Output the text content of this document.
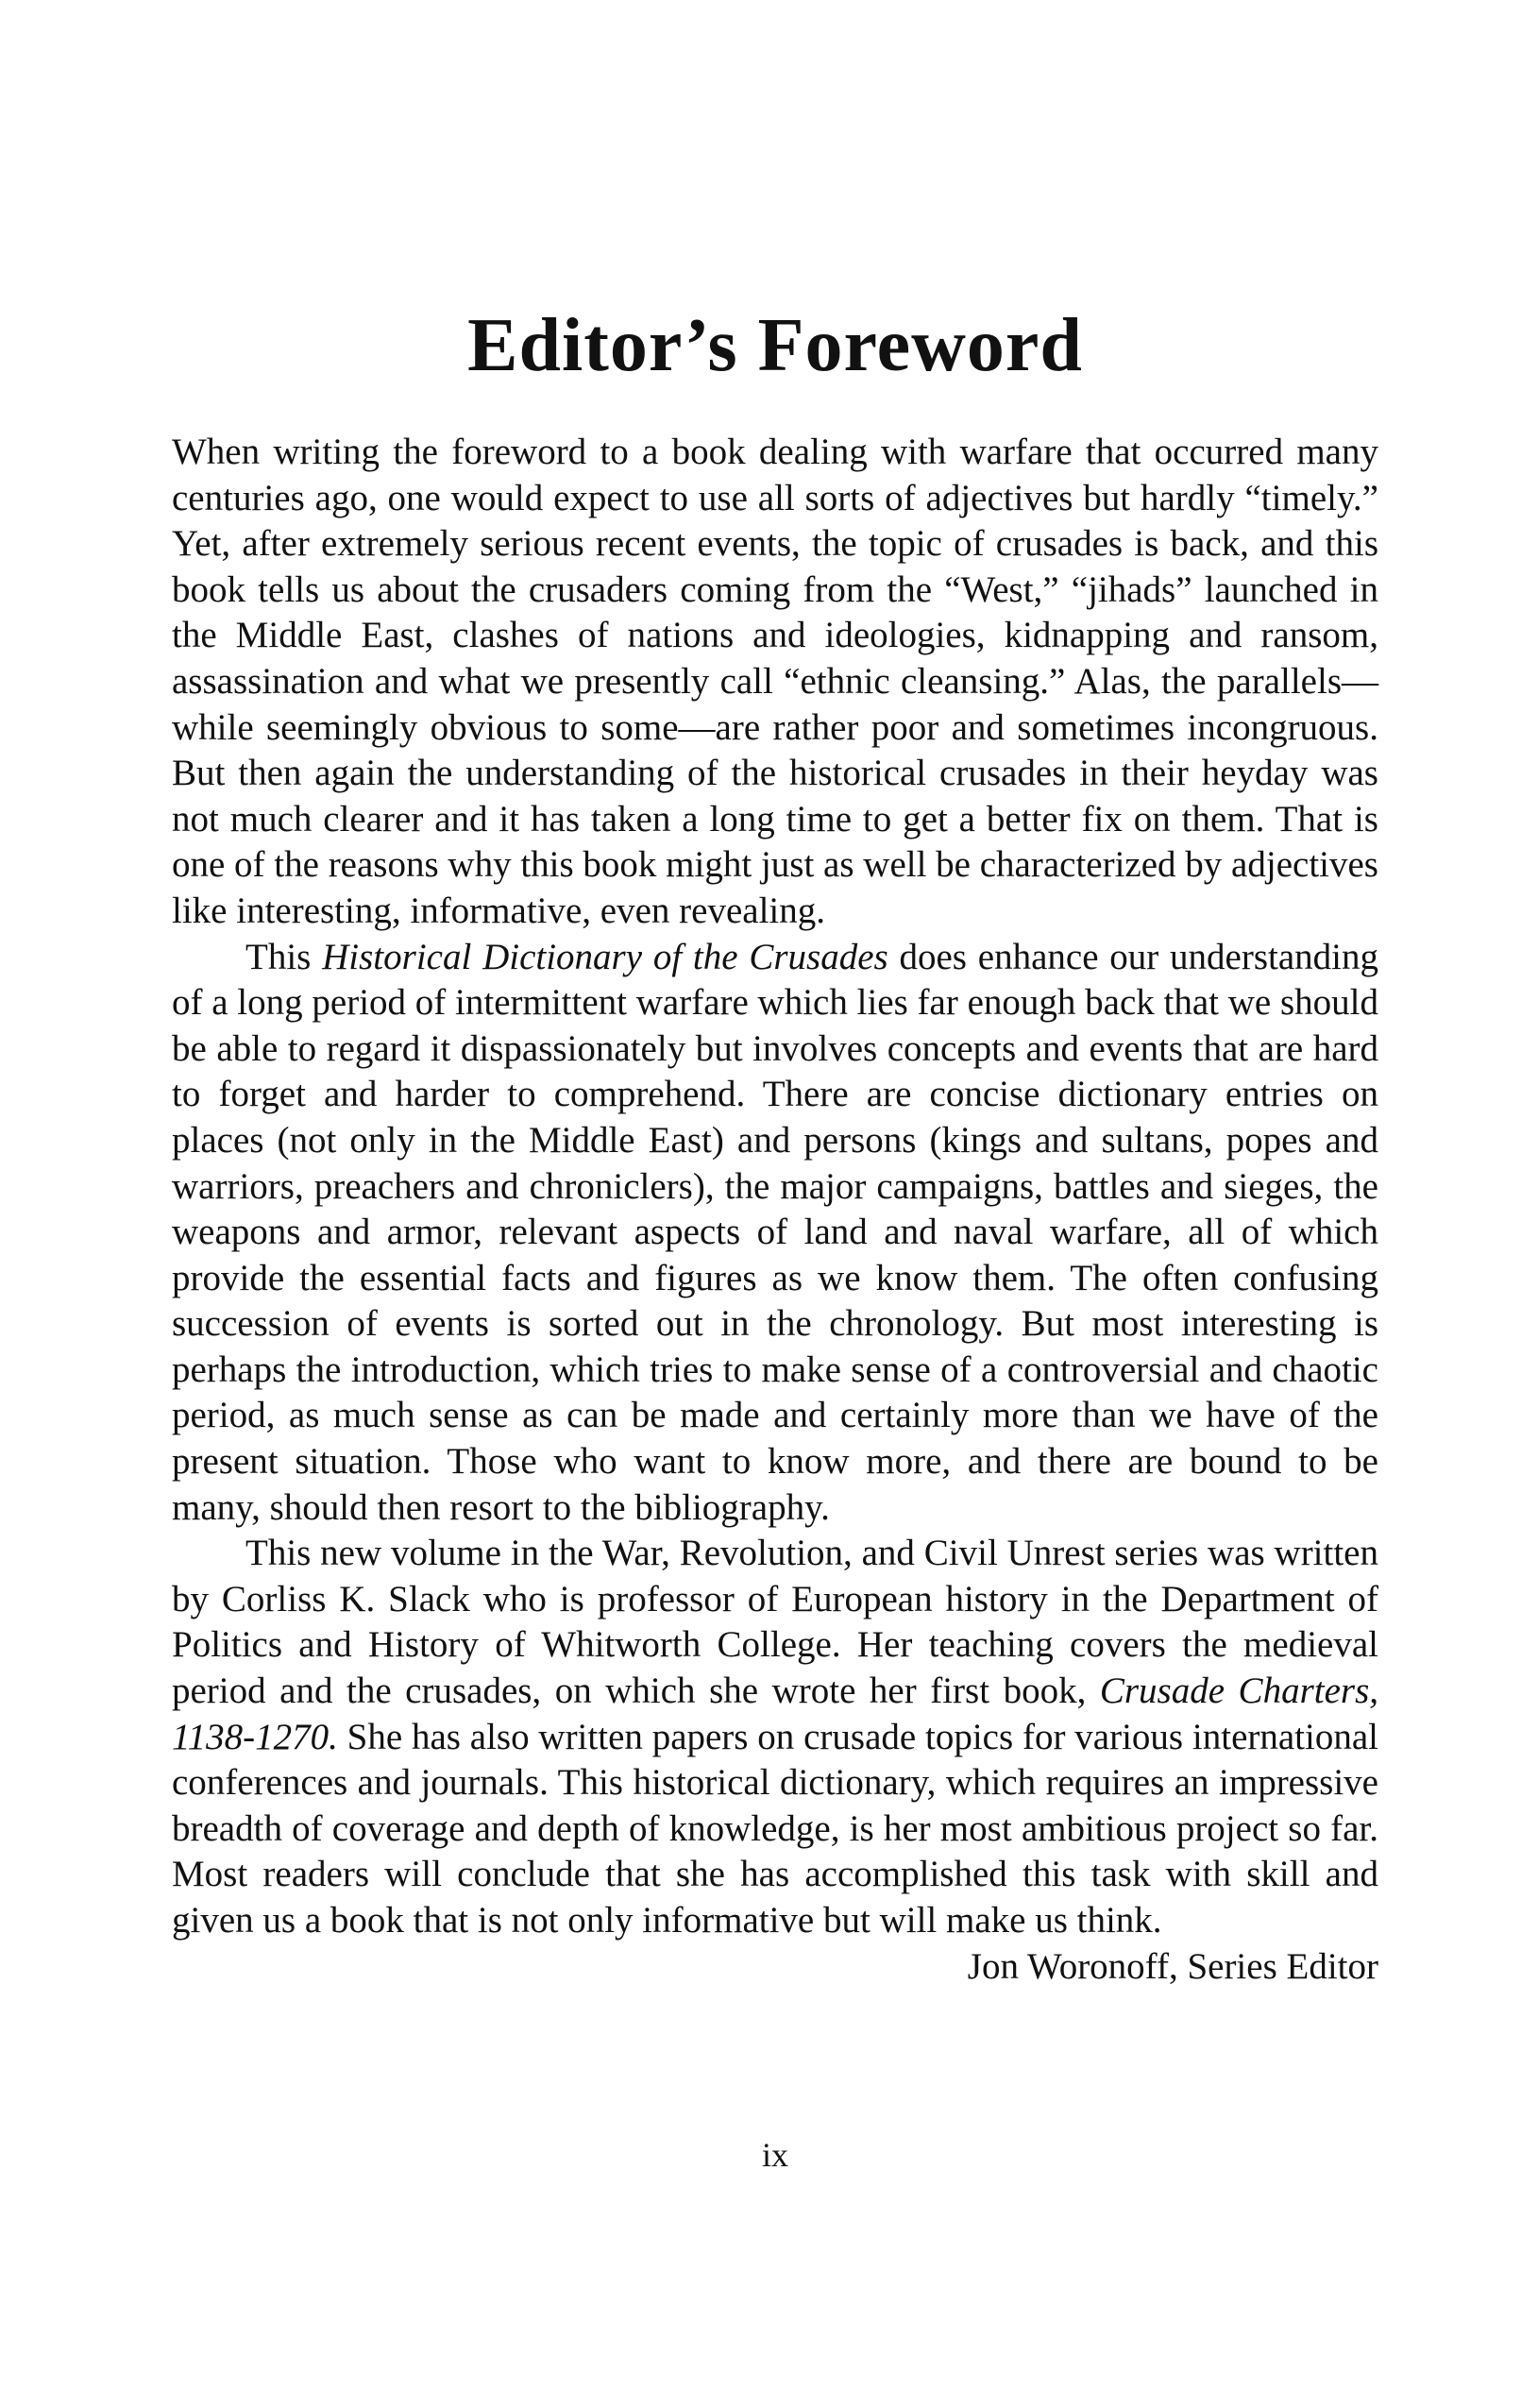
Editor’s Foreword

When writing the foreword to a book dealing with warfare that occurred many centuries ago, one would expect to use all sorts of adjectives but hardly “timely.” Yet, after extremely serious recent events, the topic of crusades is back, and this book tells us about the crusaders coming from the “West,” “jihads” launched in the Middle East, clashes of nations and ideologies, kidnapping and ransom, assassination and what we presently call “ethnic cleansing.” Alas, the parallels—while seemingly obvious to some—are rather poor and sometimes incongruous. But then again the understanding of the historical crusades in their heyday was not much clearer and it has taken a long time to get a better fix on them. That is one of the reasons why this book might just as well be characterized by adjectives like interesting, informative, even revealing.

This Historical Dictionary of the Crusades does enhance our understanding of a long period of intermittent warfare which lies far enough back that we should be able to regard it dispassionately but involves concepts and events that are hard to forget and harder to comprehend. There are concise dictionary entries on places (not only in the Middle East) and persons (kings and sultans, popes and warriors, preachers and chroniclers), the major campaigns, battles and sieges, the weapons and armor, relevant aspects of land and naval warfare, all of which provide the essential facts and figures as we know them. The often confusing succession of events is sorted out in the chronology. But most interesting is perhaps the introduction, which tries to make sense of a controversial and chaotic period, as much sense as can be made and certainly more than we have of the present situation. Those who want to know more, and there are bound to be many, should then resort to the bibliography.

This new volume in the War, Revolution, and Civil Unrest series was written by Corliss K. Slack who is professor of European history in the Department of Politics and History of Whitworth College. Her teaching covers the medieval period and the crusades, on which she wrote her first book, Crusade Charters, 1138-1270. She has also written papers on crusade topics for various international conferences and journals. This historical dictionary, which requires an impressive breadth of coverage and depth of knowledge, is her most ambitious project so far. Most readers will conclude that she has accomplished this task with skill and given us a book that is not only informative but will make us think.

Jon Woronoff, Series Editor

ix
